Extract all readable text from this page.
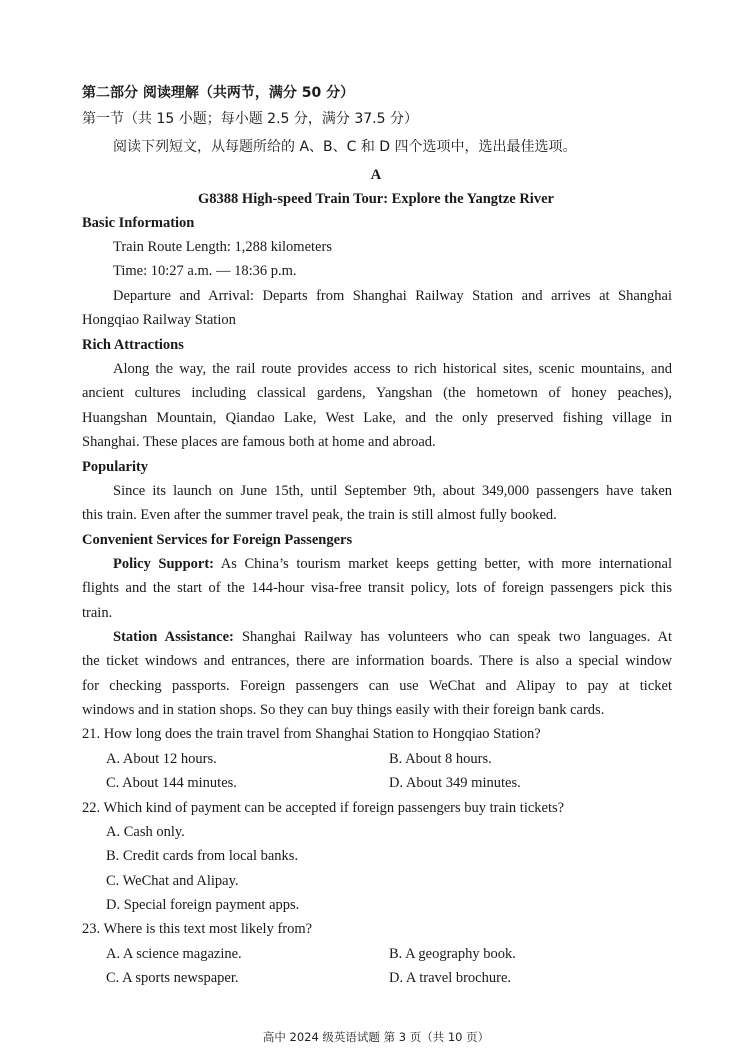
第二部分 阅读理解（共两节，满分 50 分）
第一节（共 15 小题；每小题 2.5 分，满分 37.5 分）
阅读下列短文，从每题所给的 A、B、C 和 D 四个选项中，选出最佳选项。
A
G8388 High-speed Train Tour: Explore the Yangtze River
Basic Information
Train Route Length: 1,288 kilometers
Time: 10:27 a.m. — 18:36 p.m.
Departure and Arrival: Departs from Shanghai Railway Station and arrives at Shanghai
Hongqiao Railway Station
Rich Attractions
Along the way, the rail route provides access to rich historical sites, scenic mountains, and
ancient cultures including classical gardens, Yangshan (the hometown of honey peaches),
Huangshan Mountain, Qiandao Lake, West Lake, and the only preserved fishing village in
Shanghai. These places are famous both at home and abroad.
Popularity
Since its launch on June 15th, until September 9th, about 349,000 passengers have taken
this train. Even after the summer travel peak, the train is still almost fully booked.
Convenient Services for Foreign Passengers
Policy Support: As China’s tourism market keeps getting better, with more international
flights and the start of the 144-hour visa-free transit policy, lots of foreign passengers pick this
train.
Station Assistance: Shanghai Railway has volunteers who can speak two languages. At
the ticket windows and entrances, there are information boards. There is also a special window
for checking passports. Foreign passengers can use WeChat and Alipay to pay at ticket
windows and in station shops. So they can buy things easily with their foreign bank cards.
21. How long does the train travel from Shanghai Station to Hongqiao Station?
A. About 12 hours.	B. About 8 hours.
C. About 144 minutes.	D. About 349 minutes.
22. Which kind of payment can be accepted if foreign passengers buy train tickets?
A. Cash only.
B. Credit cards from local banks.
C. WeChat and Alipay.
D. Special foreign payment apps.
23. Where is this text most likely from?
A. A science magazine.	B. A geography book.
C. A sports newspaper.	D. A travel brochure.
高中 2024 级英语试题 第 3 页（共 10 页）
